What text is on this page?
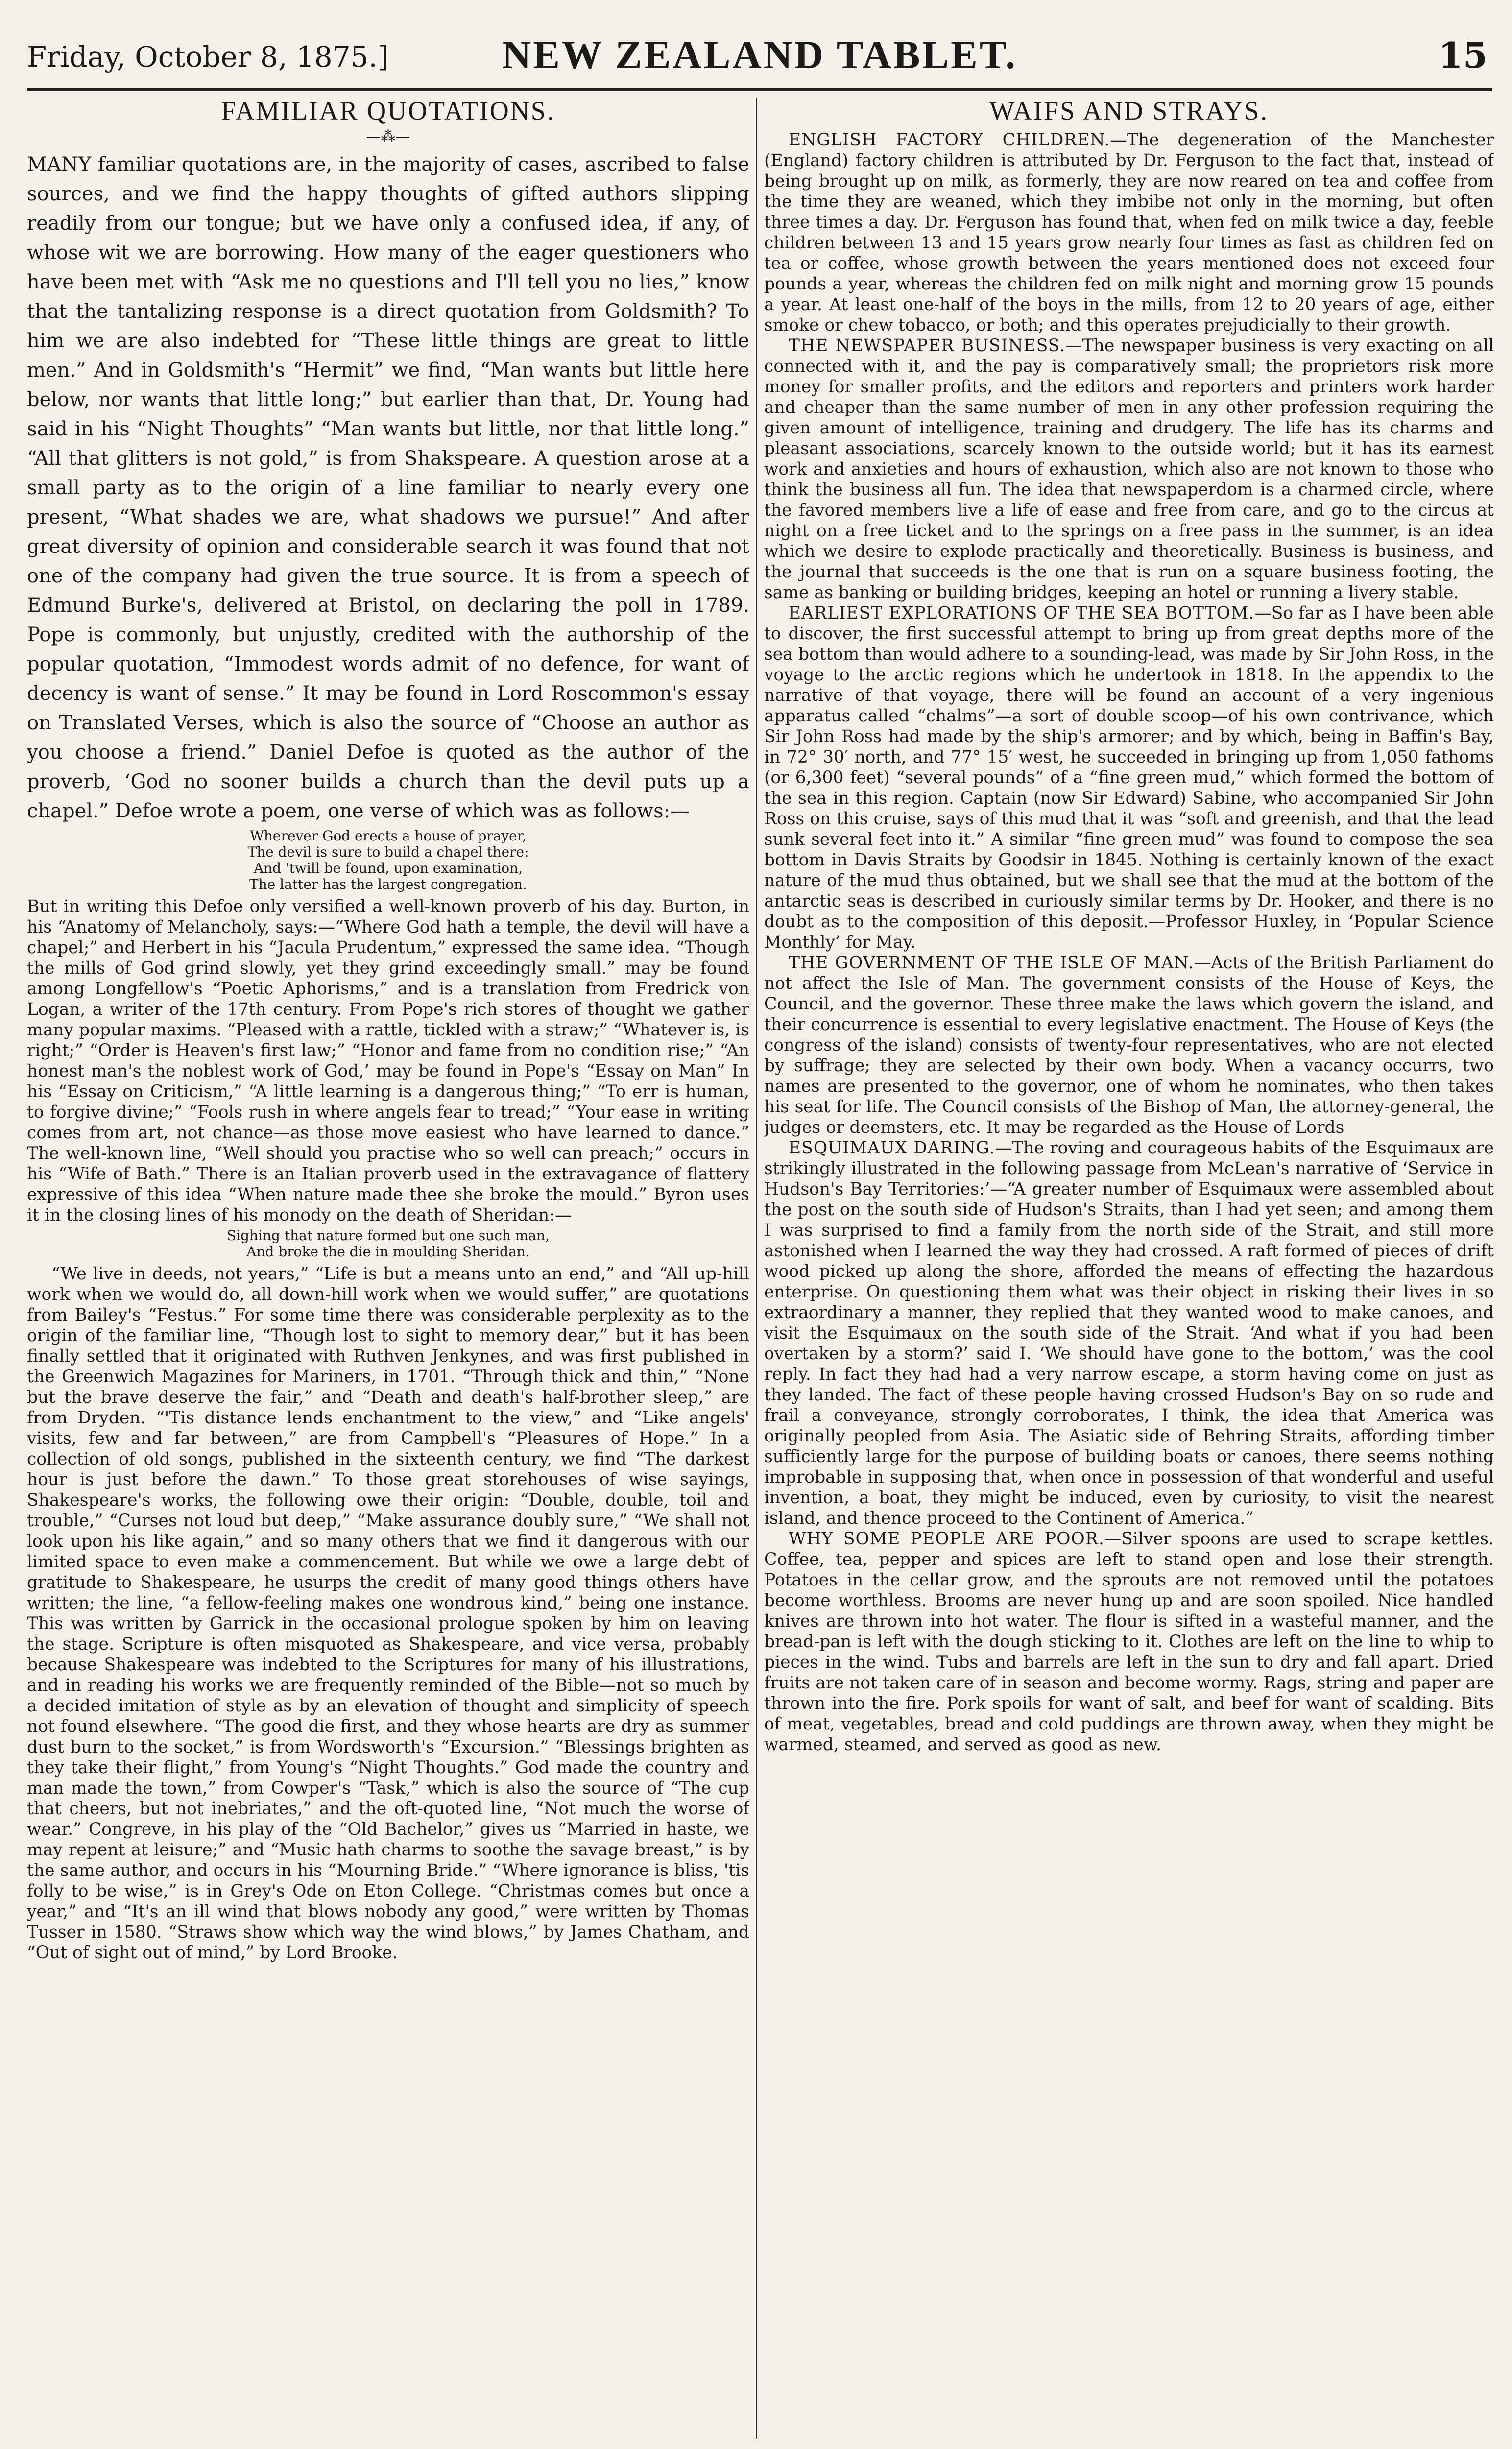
Friday, October 8, 1875.]	NEW ZEALAND TABLET.	15
FAMILIAR QUOTATIONS.
—⁂—

MANY familiar quotations are, in the majority of cases, ascribed to false sources, and we find the happy thoughts of gifted authors slipping readily from our tongue; but we have only a confused idea, if any, of whose wit we are borrowing. How many of the eager questioners who have been met with “Ask me no questions and I'll tell you no lies,” know that the tantalizing response is a direct quotation from Goldsmith? To him we are also indebted for “These little things are great to little men.” And in Goldsmith's “Hermit” we find, “Man wants but little here below, nor wants that little long;” but earlier than that, Dr. Young had said in his “Night Thoughts” “Man wants but little, nor that little long.” “All that glitters is not gold,” is from Shakspeare. A question arose at a small party as to the origin of a line familiar to nearly every one present, “What shades we are, what shadows we pursue!” And after great diversity of opinion and considerable search it was found that not one of the company had given the true source. It is from a speech of Edmund Burke's, delivered at Bristol, on declaring the poll in 1789. Pope is commonly, but unjustly, credited with the authorship of the popular quotation, “Immodest words admit of no defence, for want of decency is want of sense.” It may be found in Lord Roscommon's essay on Translated Verses, which is also the source of “Choose an author as you choose a friend.” Daniel Defoe is quoted as the author of the proverb, ‘God no sooner builds a church than the devil puts up a chapel.” Defoe wrote a poem, one verse of which was as follows:—

Wherever God erects a house of prayer,
The devil is sure to build a chapel there:
And 'twill be found, upon examination,
The latter has the largest congregation.

But in writing this Defoe only versified a well-known proverb of his day. Burton, in his “Anatomy of Melancholy, says:—“Where God hath a temple, the devil will have a chapel;” and Herbert in his “Jacula Prudentum,” expressed the same idea. “Though the mills of God grind slowly, yet they grind exceedingly small.” may be found among Longfellow's “Poetic Aphorisms,” and is a translation from Fredrick von Logan, a writer of the 17th century. From Pope's rich stores of thought we gather many popular maxims. “Pleased with a rattle, tickled with a straw;” “Whatever is, is right;” “Order is Heaven's first law;” “Honor and fame from no condition rise;” “An honest man's the noblest work of God,’ may be found in Pope's “Essay on Man” In his “Essay on Criticism,” “A little learning is a dangerous thing;” “To err is human, to forgive divine;” “Fools rush in where angels fear to tread;” “Your ease in writing comes from art, not chance—as those move easiest who have learned to dance.” The well-known line, “Well should you practise who so well can preach;” occurs in his “Wife of Bath.” There is an Italian proverb used in the extravagance of flattery expressive of this idea “When nature made thee she broke the mould.” Byron uses it in the closing lines of his monody on the death of Sheridan:—

Sighing that nature formed but one such man,
And broke the die in moulding Sheridan.

“We live in deeds, not years,” “Life is but a means unto an end,” and “All up-hill work when we would do, all down-hill work when we would suffer,” are quotations from Bailey's “Festus.” For some time there was considerable perplexity as to the origin of the familiar line, “Though lost to sight to memory dear,” but it has been finally settled that it originated with Ruthven Jenkynes, and was first published in the Greenwich Magazines for Mariners, in 1701. “Through thick and thin,” “None but the brave deserve the fair,” and “Death and death's half-brother sleep,” are from Dryden. “'Tis distance lends enchantment to the view,” and “Like angels' visits, few and far between,” are from Campbell's “Pleasures of Hope.” In a collection of old songs, published in the sixteenth century, we find “The darkest hour is just before the dawn.” To those great storehouses of wise sayings, Shakespeare's works, the following owe their origin: “Double, double, toil and trouble,” “Curses not loud but deep,” “Make assurance doubly sure,” “We shall not look upon his like again,” and so many others that we find it dangerous with our limited space to even make a commencement. But while we owe a large debt of gratitude to Shakespeare, he usurps the credit of many good things others have written; the line, “a fellow-feeling makes one wondrous kind,” being one instance. This was written by Garrick in the occasional prologue spoken by him on leaving the stage. Scripture is often misquoted as Shakespeare, and vice versa, probably because Shakespeare was indebted to the Scriptures for many of his illustrations, and in reading his works we are frequently reminded of the Bible—not so much by a decided imitation of style as by an elevation of thought and simplicity of speech not found elsewhere. “The good die first, and they whose hearts are dry as summer dust burn to the socket,” is from Wordsworth's “Excursion.” “Blessings brighten as they take their flight,” from Young's “Night Thoughts.” God made the country and man made the town,” from Cowper's “Task,” which is also the source of “The cup that cheers, but not inebriates,” and the oft-quoted line, “Not much the worse of wear.” Congreve, in his play of the “Old Bachelor,” gives us “Married in haste, we may repent at leisure;” and “Music hath charms to soothe the savage breast,” is by the same author, and occurs in his “Mourning Bride.” “Where ignorance is bliss, 'tis folly to be wise,” is in Grey's Ode on Eton College. “Christmas comes but once a year,” and “It's an ill wind that blows nobody any good,” were written by Thomas Tusser in 1580. “Straws show which way the wind blows,” by James Chatham, and “Out of sight out of mind,” by Lord Brooke.

WAIFS AND STRAYS.

ENGLISH FACTORY CHILDREN.—The degeneration of the Manchester (England) factory children is attributed by Dr. Ferguson to the fact that, instead of being brought up on milk, as formerly, they are now reared on tea and coffee from the time they are weaned, which they imbibe not only in the morning, but often three times a day. Dr. Ferguson has found that, when fed on milk twice a day, feeble children between 13 and 15 years grow nearly four times as fast as children fed on tea or coffee, whose growth between the years mentioned does not exceed four pounds a year, whereas the children fed on milk night and morning grow 15 pounds a year. At least one-half of the boys in the mills, from 12 to 20 years of age, either smoke or chew tobacco, or both; and this operates prejudicially to their growth.

THE NEWSPAPER BUSINESS.—The newspaper business is very exacting on all connected with it, and the pay is comparatively small; the proprietors risk more money for smaller profits, and the editors and reporters and printers work harder and cheaper than the same number of men in any other profession requiring the given amount of intelligence, training and drudgery. The life has its charms and pleasant associations, scarcely known to the outside world; but it has its earnest work and anxieties and hours of exhaustion, which also are not known to those who think the business all fun. The idea that newspaperdom is a charmed circle, where the favored members live a life of ease and free from care, and go to the circus at night on a free ticket and to the springs on a free pass in the summer, is an idea which we desire to explode practically and theoretically. Business is business, and the journal that succeeds is the one that is run on a square business footing, the same as banking or building bridges, keeping an hotel or running a livery stable.

EARLIEST EXPLORATIONS OF THE SEA BOTTOM.—So far as I have been able to discover, the first successful attempt to bring up from great depths more of the sea bottom than would adhere to a sounding-lead, was made by Sir John Ross, in the voyage to the arctic regions which he undertook in 1818. In the appendix to the narrative of that voyage, there will be found an account of a very ingenious apparatus called “chalms”—a sort of double scoop—of his own contrivance, which Sir John Ross had made by the ship's armorer; and by which, being in Baffin's Bay, in 72° 30′ north, and 77° 15′ west, he succeeded in bringing up from 1,050 fathoms (or 6,300 feet) “several pounds” of a “fine green mud,” which formed the bottom of the sea in this region. Captain (now Sir Edward) Sabine, who accompanied Sir John Ross on this cruise, says of this mud that it was “soft and greenish, and that the lead sunk several feet into it.” A similar “fine green mud” was found to compose the sea bottom in Davis Straits by Goodsir in 1845. Nothing is certainly known of the exact nature of the mud thus obtained, but we shall see that the mud at the bottom of the antarctic seas is described in curiously similar terms by Dr. Hooker, and there is no doubt as to the composition of this deposit.—Professor Huxley, in ‘Popular Science Monthly’ for May.

THE GOVERNMENT OF THE ISLE OF MAN.—Acts of the British Parliament do not affect the Isle of Man. The government consists of the House of Keys, the Council, and the governor. These three make the laws which govern the island, and their concurrence is essential to every legislative enactment. The House of Keys (the congress of the island) consists of twenty-four representatives, who are not elected by suffrage; they are selected by their own body. When a vacancy occurrs, two names are presented to the governor, one of whom he nominates, who then takes his seat for life. The Council consists of the Bishop of Man, the attorney-general, the judges or deemsters, etc. It may be regarded as the House of Lords

ESQUIMAUX DARING.—The roving and courageous habits of the Esquimaux are strikingly illustrated in the following passage from McLean's narrative of ‘Service in Hudson's Bay Territories:’—“A greater number of Esquimaux were assembled about the post on the south side of Hudson's Straits, than I had yet seen; and among them I was surprised to find a family from the north side of the Strait, and still more astonished when I learned the way they had crossed. A raft formed of pieces of drift wood picked up along the shore, afforded the means of effecting the hazardous enterprise. On questioning them what was their object in risking their lives in so extraordinary a manner, they replied that they wanted wood to make canoes, and visit the Esquimaux on the south side of the Strait. ‘And what if you had been overtaken by a storm?’ said I. ‘We should have gone to the bottom,’ was the cool reply. In fact they had had a very narrow escape, a storm having come on just as they landed. The fact of these people having crossed Hudson's Bay on so rude and frail a conveyance, strongly corroborates, I think, the idea that America was originally peopled from Asia. The Asiatic side of Behring Straits, affording timber sufficiently large for the purpose of building boats or canoes, there seems nothing improbable in supposing that, when once in possession of that wonderful and useful invention, a boat, they might be induced, even by curiosity, to visit the nearest island, and thence proceed to the Continent of America.”

WHY SOME PEOPLE ARE POOR.—Silver spoons are used to scrape kettles. Coffee, tea, pepper and spices are left to stand open and lose their strength. Potatoes in the cellar grow, and the sprouts are not removed until the potatoes become worthless. Brooms are never hung up and are soon spoiled. Nice handled knives are thrown into hot water. The flour is sifted in a wasteful manner, and the bread-pan is left with the dough sticking to it. Clothes are left on the line to whip to pieces in the wind. Tubs and barrels are left in the sun to dry and fall apart. Dried fruits are not taken care of in season and become wormy. Rags, string and paper are thrown into the fire. Pork spoils for want of salt, and beef for want of scalding. Bits of meat, vegetables, bread and cold puddings are thrown away, when they might be warmed, steamed, and served as good as new.
